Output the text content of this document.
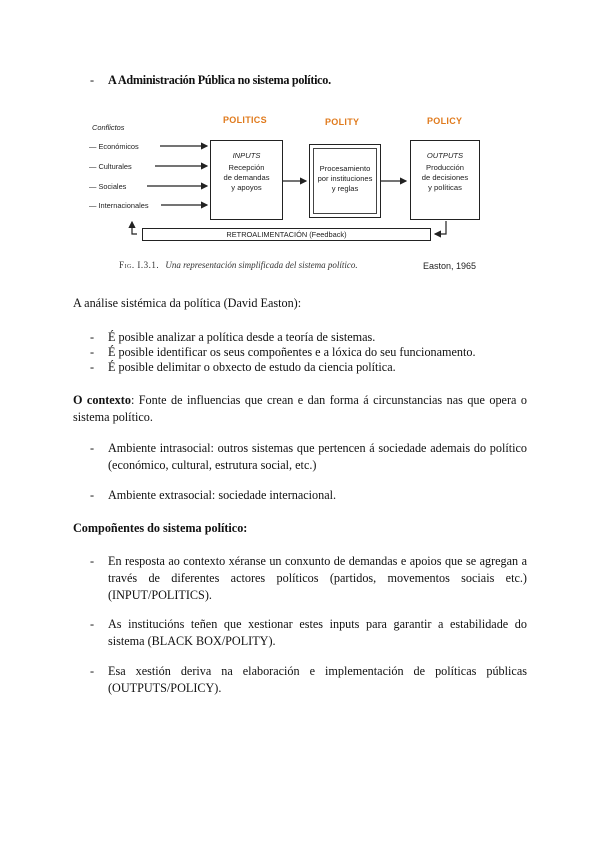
- A Administración Pública no sistema político.
Conflictos
— Económicos
— Culturales
— Sociales
— Internacionales
POLITICS	POLITY	POLICY
INPUTS
Recepción
de demandas
y apoyos
Procesamiento
por instituciones
y reglas
OUTPUTS
Producción
de decisiones
y políticas
RETROALIMENTACIÓN (Feedback)
Fig. I.3.1. Una representación simplificada del sistema político.	Easton, 1965
A análise sistémica da política (David Easton):
- É posible analizar a política desde a teoría de sistemas.
- É posible identificar os seus compoñentes e a lóxica do seu funcionamento.
- É posible delimitar o obxecto de estudo da ciencia política.
O contexto: Fonte de influencias que crean e dan forma á circunstancias nas que opera o sistema político.
- Ambiente intrasocial: outros sistemas que pertencen á sociedade ademais do político (económico, cultural, estrutura social, etc.)
- Ambiente extrasocial: sociedade internacional.
Compoñentes do sistema político:
- En resposta ao contexto xéranse un conxunto de demandas e apoios que se agregan a través de diferentes actores políticos (partidos, movementos sociais etc.) (INPUT/POLITICS).
- As institucións teñen que xestionar estes inputs para garantir a estabilidade do sistema (BLACK BOX/POLITY).
- Esa xestión deriva na elaboración e implementación de políticas públicas (OUTPUTS/POLICY).
